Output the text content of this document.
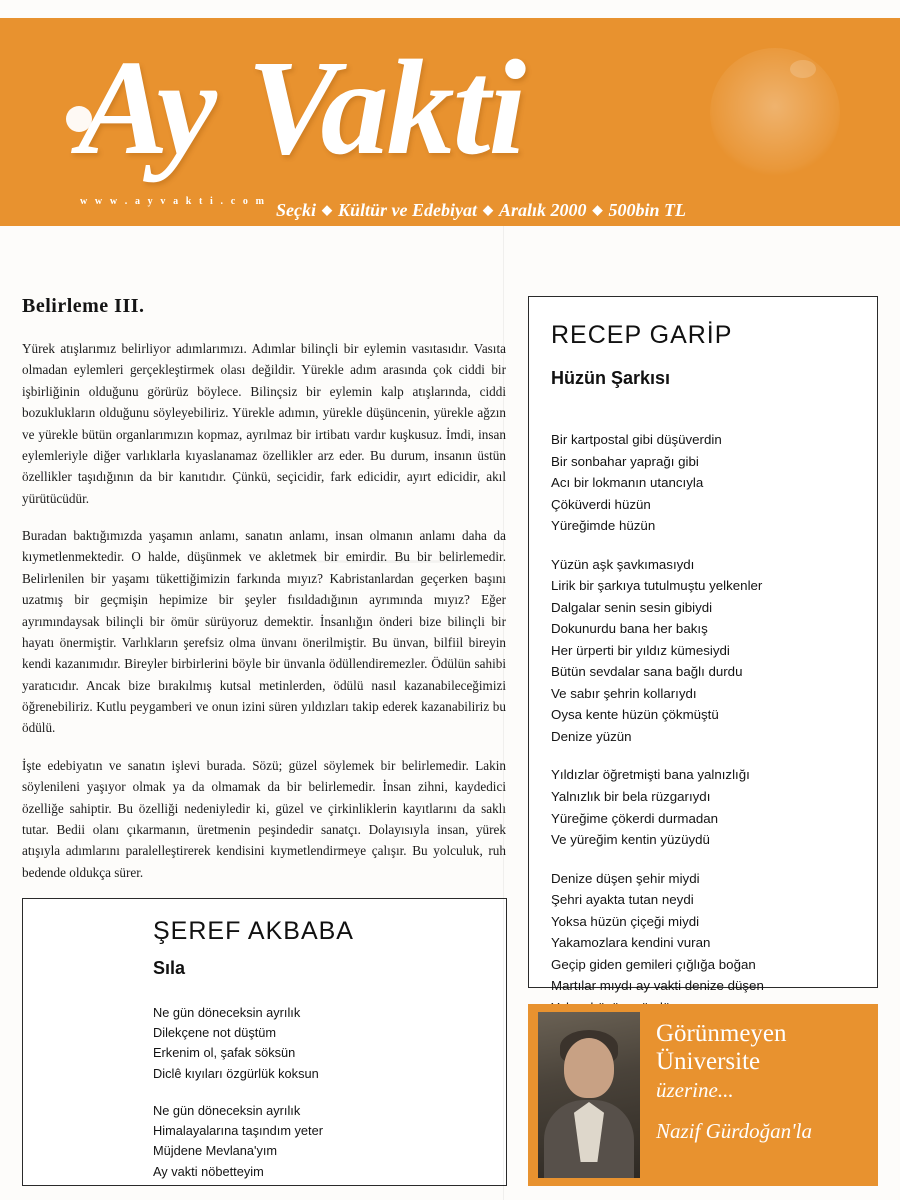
Ay Vakti
w w w . a y v a k t i . c o m Seçki ◆ Kültür ve Edebiyat ◆ Aralık 2000 ◆ 500bin TL
Belirleme III.

Yürek atışlarımız belirliyor adımlarımızı. Adımlar bilinçli bir eylemin vasıtasıdır. Vasıta olmadan eylemleri gerçekleştirmek olası değildir. Yürekle adım arasında çok ciddi bir işbirliğinin olduğunu görürüz böylece. Bilinçsiz bir eylemin kalp atışlarında, ciddi bozuklukların olduğunu söyleyebiliriz. Yürekle adımın, yürekle düşüncenin, yürekle ağzın ve yürekle bütün organlarımızın kopmaz, ayrılmaz bir irtibatı vardır kuşkusuz. İmdi, insan eylemleriyle diğer varlıklarla kıyaslanamaz özellikler arz eder. Bu durum, insanın üstün özellikler taşıdığının da bir kanıtıdır. Çünkü, seçicidir, fark edicidir, ayırt edicidir, akıl yürütücüdür.

Buradan baktığımızda yaşamın anlamı, sanatın anlamı, insan olmanın anlamı daha da kıymetlenmektedir. O halde, düşünmek ve akletmek bir emirdir. Bu bir belirlemedir. Belirlenilen bir yaşamı tükettiğimizin farkında mıyız? Kabristanlardan geçerken başını uzatmış bir geçmişin hepimize bir şeyler fısıldadığının ayrımında mıyız? Eğer ayrımındaysak bilinçli bir ömür sürüyoruz demektir. İnsanlığın önderi bize bilinçli bir hayatı önermiştir. Varlıkların şerefsiz olma ünvanı önerilmiştir. Bu ünvan, bilfiil bireyin kendi kazanımıdır. Bireyler birbirlerini böyle bir ünvanla ödüllendiremezler. Ödülün sahibi yaratıcıdır. Ancak bize bırakılmış kutsal metinlerden, ödülü nasıl kazanabileceğimizi öğrenebiliriz. Kutlu peygamberi ve onun izini süren yıldızları takip ederek kazanabiliriz bu ödülü.

İşte edebiyatın ve sanatın işlevi burada. Sözü; güzel söylemek bir belirlemedir. Lakin söylenileni yaşıyor olmak ya da olmamak da bir belirlemedir. İnsan zihni, kaydedici özelliğe sahiptir. Bu özelliği nedeniyledir ki, güzel ve çirkinliklerin kayıtlarını da saklı tutar. Bedii olanı çıkarmanın, üretmenin peşindedir sanatçı. Dolayısıyla insan, yürek atışıyla adımlarını paralelleştirerek kendisini kıymetlendirmeye çalışır. Bu yolculuk, ruh bedende oldukça sürer.

RECEP GARİP
Hüzün Şarkısı
Bir kartpostal gibi düşüverdin
Bir sonbahar yaprağı gibi
Acı bir lokmanın utancıyla
Çöküverdi hüzün
Yüreğimde hüzün
Yüzün aşk şavkımasıydı
Lirik bir şarkıya tutulmuştu yelkenler
Dalgalar senin sesin gibiydi
Dokunurdu bana her bakış
Her ürperti bir yıldız kümesiydi
Bütün sevdalar sana bağlı durdu
Ve sabır şehrin kollarıydı
Oysa kente hüzün çökmüştü
Denize yüzün
Yıldızlar öğretmişti bana yalnızlığı
Yalnızlık bir bela rüzgarıydı
Yüreğime çökerdi durmadan
Ve yüreğim kentin yüzüydü
Denize düşen şehir miydi
Şehri ayakta tutan neydi
Yoksa hüzün çiçeği miydi
Yakamozlara kendini vuran
Geçip giden gemileri çığlığa boğan
Martılar mıydı ay vakti denize düşen
ŞEREF AKBABA
Sıla
Ne gün döneceksin ayrılık
Dilekçene not düştüm
Erkenim ol, şafak söksün
Diclê kıyıları özgürlük koksun
Ne gün döneceksin ayrılık
Himalayalarına taşındım yeter
Müjdene Mevlana'yım
Ay vakti nöbetteyim
Görünmeyen
Üniversite
üzerine...
Nazif Gürdoğan'la
